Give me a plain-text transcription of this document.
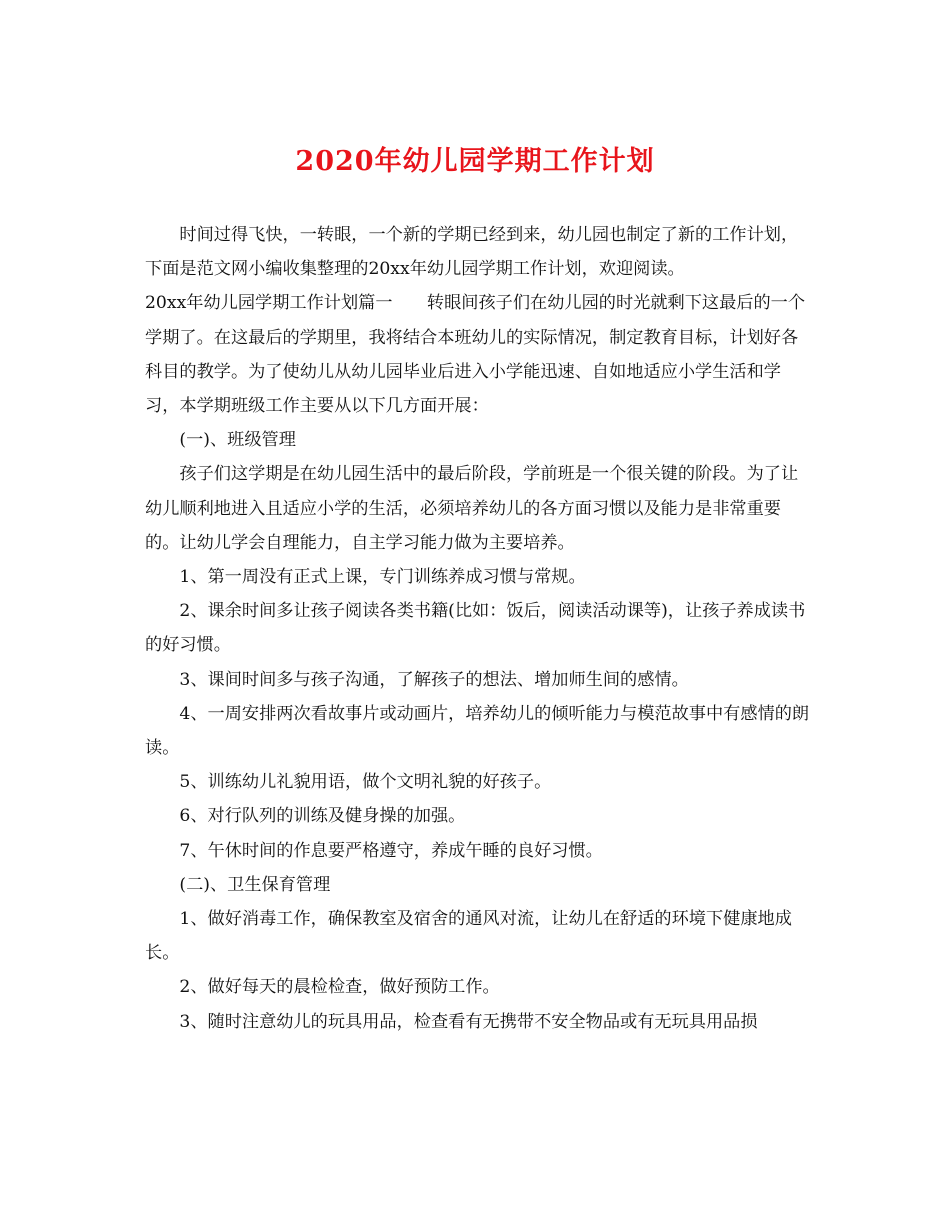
2020年幼儿园学期工作计划

时间过得飞快，一转眼，一个新的学期已经到来，幼儿园也制定了新的工作计划，下面是范文网小编收集整理的20xx年幼儿园学期工作计划，欢迎阅读。

20xx年幼儿园学期工作计划篇一　　转眼间孩子们在幼儿园的时光就剩下这最后的一个学期了。在这最后的学期里，我将结合本班幼儿的实际情况，制定教育目标，计划好各科目的教学。为了使幼儿从幼儿园毕业后进入小学能迅速、自如地适应小学生活和学习，本学期班级工作主要从以下几方面开展：

(一)、班级管理

孩子们这学期是在幼儿园生活中的最后阶段，学前班是一个很关键的阶段。为了让幼儿顺利地进入且适应小学的生活，必须培养幼儿的各方面习惯以及能力是非常重要的。让幼儿学会自理能力，自主学习能力做为主要培养。

1、第一周没有正式上课，专门训练养成习惯与常规。

2、课余时间多让孩子阅读各类书籍(比如：饭后，阅读活动课等)，让孩子养成读书的好习惯。

3、课间时间多与孩子沟通，了解孩子的想法、增加师生间的感情。

4、一周安排两次看故事片或动画片，培养幼儿的倾听能力与模范故事中有感情的朗读。

5、训练幼儿礼貌用语，做个文明礼貌的好孩子。

6、对行队列的训练及健身操的加强。

7、午休时间的作息要严格遵守，养成午睡的良好习惯。

(二)、卫生保育管理

1、做好消毒工作，确保教室及宿舍的通风对流，让幼儿在舒适的环境下健康地成长。

2、做好每天的晨检检查，做好预防工作。

3、随时注意幼儿的玩具用品，检查看有无携带不安全物品或有无玩具用品损
